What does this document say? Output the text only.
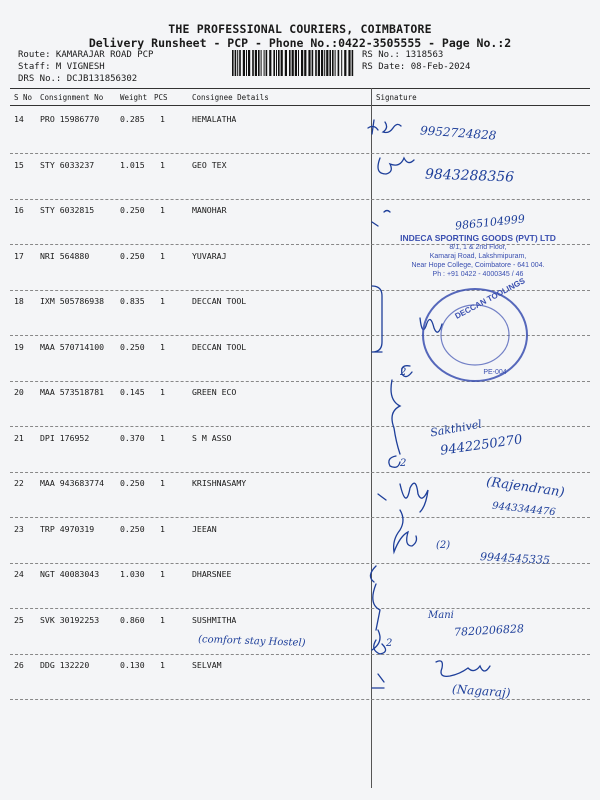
THE PROFESSIONAL COURIERS, COIMBATORE
Delivery Runsheet - PCP - Phone No.:0422-3505555 - Page No.:2
Route: KAMARAJAR ROAD PCP
Staff: M VIGNESH
DRS No.: DCJB131856302
RS No.: 1318563
RS Date: 08-Feb-2024
S No Consignment No Weight PCS	Consignee Details	Signature
14 PRO 15986770	0.285 1	HEMALATHA
15 STY 6033237	1.015 1	GEO TEX
16 STY 6032815	0.250 1	MANOHAR
17 NRI 564880	0.250 1	YUVARAJ
18 IXM 505786938 0.835 1	DECCAN TOOL
19 MAA 570714100 0.250 1	DECCAN TOOL
20 MAA 573518781 0.145 1	GREEN ECO
21 DPI 176952	0.370 1	S M ASSO
22 MAA 943683774 0.250 1	KRISHNASAMY
23 TRP 4970319	0.250 1	JEEAN
24 NGT 40083043	1.030 1	DHARSNEE
25 SVK 30192253	0.860 1	SUSHMITHA
26 DDG 132220	0.130 1	SELVAM
DECCAN TOOLINGS
PE-004
INDECA SPORTING GOODS (PVT) LTD
8/1, 1 & 2nd Floor,
Kamaraj Road, Lakshmipuram,
Near Hope College, Coimbatore - 641 004.
Ph : +91 0422 - 4000345 / 46
9952724828
9843288356
9865104999
2
Sakthivel
9442250270
2
(Rajendran)
9443344476
(2)
9944545335
Mani
7820206828
(comfort stay Hostel)	2
(Nagaraj)
